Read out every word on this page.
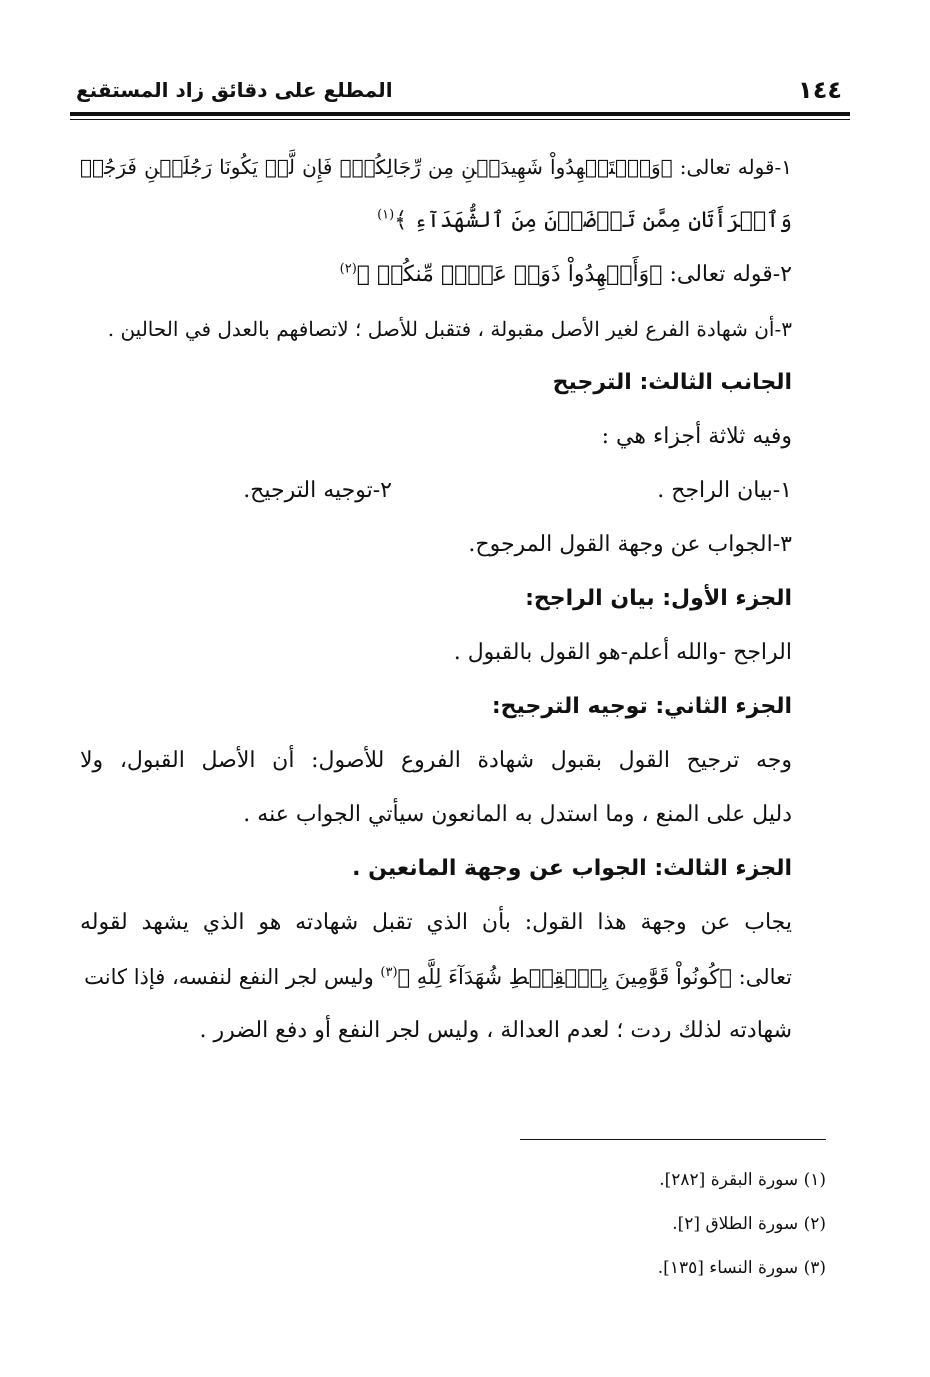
١٤٤
المطلع على دقائق زاد المستقنع
١-قوله تعالى: ﴿وَٱسۡتَشۡهِدُواْ شَهِيدَيۡنِ مِن رِّجَالِكُمۡۖ فَإِن لَّمۡ يَكُونَا رَجُلَيۡنِ فَرَجُلٞ
وَٱمۡرَأَتَانِ مِمَّن تَرۡضَوۡنَ مِنَ ٱلشُّهَدَآءِ ﴾$^{(١)}$
٢-قوله تعالى: ﴿وَأَشۡهِدُواْ ذَوَيۡ عَدۡلٖ مِّنكُمۡ ﴾$^{(٢)}$
٣-أن شهادة الفرع لغير الأصل مقبولة ، فتقبل للأصل ؛ لاتصافهم بالعدل في الحالين .
الجانب الثالث: الترجيح
وفيه ثلاثة أجزاء هي :
١-بيان الراجح .
٢-توجيه الترجيح.
٣-الجواب عن وجهة القول المرجوح.
الجزء الأول: بيان الراجح:
الراجح -والله أعلم-هو القول بالقبول .
الجزء الثاني: توجيه الترجيح:
وجه ترجيح القول بقبول شهادة الفروع للأصول: أن الأصل القبول، ولا
دليل على المنع ، وما استدل به المانعون سيأتي الجواب عنه .
الجزء الثالث: الجواب عن وجهة المانعين .
يجاب عن وجهة هذا القول: بأن الذي تقبل شهادته هو الذي يشهد لقوله
تعالى: ﴿كُونُواْ قَوَّٰمِينَ بِٱلۡقِسۡطِ شُهَدَآءَ لِلَّهِ ﴾$^{(٣)}$ وليس لجر النفع لنفسه، فإذا كانت
شهادته لذلك ردت ؛ لعدم العدالة ، وليس لجر النفع أو دفع الضرر .
(١) سورة البقرة [٢٨٢].
(٢) سورة الطلاق [٢].
(٣) سورة النساء [١٣٥].
